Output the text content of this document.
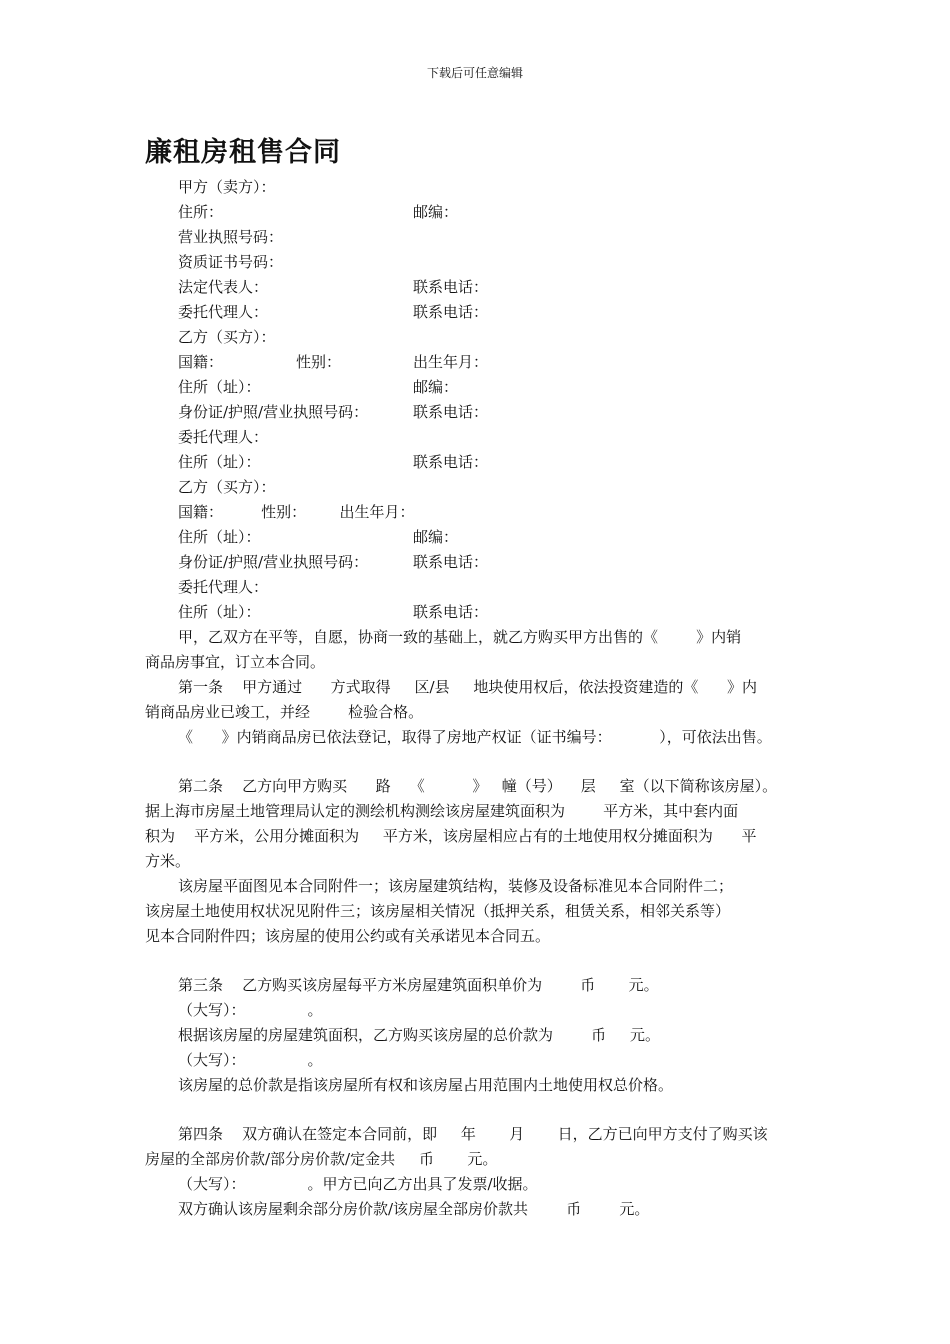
下载后可任意编辑
廉租房租售合同
甲方（卖方）：
住所：	邮编：
营业执照号码：
资质证书号码：
法定代表人：	联系电话：
委托代理人：	联系电话：
乙方（买方）：
国籍：	性别：	出生年月：
住所（址）：	邮编：
身份证/护照/营业执照号码：	联系电话：
委托代理人：
住所（址）：	联系电话：
乙方（买方）：
国籍：        性别：       出生年月：
住所（址）：	邮编：
身份证/护照/营业执照号码：	联系电话：
委托代理人：
住所（址）：	联系电话：
甲，乙双方在平等，自愿，协商一致的基础上，就乙方购买甲方出售的《        》内销
商品房事宜，订立本合同。
第一条    甲方通过      方式取得     区/县     地块使用权后，依法投资建造的《      》内
销商品房业已竣工，并经        检验合格。
《      》内销商品房已依法登记，取得了房地产权证（证书编号：          ），可依法出售。
第二条    乙方向甲方购买      路    《          》   幢（号）    层     室（以下简称该房屋）。
据上海市房屋土地管理局认定的测绘机构测绘该房屋建筑面积为        平方米，其中套内面
积为    平方米，公用分摊面积为     平方米，该房屋相应占有的土地使用权分摊面积为      平
方米。
该房屋平面图见本合同附件一；该房屋建筑结构，装修及设备标准见本合同附件二；
该房屋土地使用权状况见附件三；该房屋相关情况（抵押关系，租赁关系，相邻关系等）
见本合同附件四；该房屋的使用公约或有关承诺见本合同五。
第三条    乙方购买该房屋每平方米房屋建筑面积单价为        币       元。
（大写）：             。
根据该房屋的房屋建筑面积，乙方购买该房屋的总价款为        币     元。
（大写）：             。
该房屋的总价款是指该房屋所有权和该房屋占用范围内土地使用权总价格。
第四条    双方确认在签定本合同前，即     年       月       日，乙方已向甲方支付了购买该
房屋的全部房价款/部分房价款/定金共     币       元。
（大写）：             。甲方已向乙方出具了发票/收据。
双方确认该房屋剩余部分房价款/该房屋全部房价款共        币        元。
